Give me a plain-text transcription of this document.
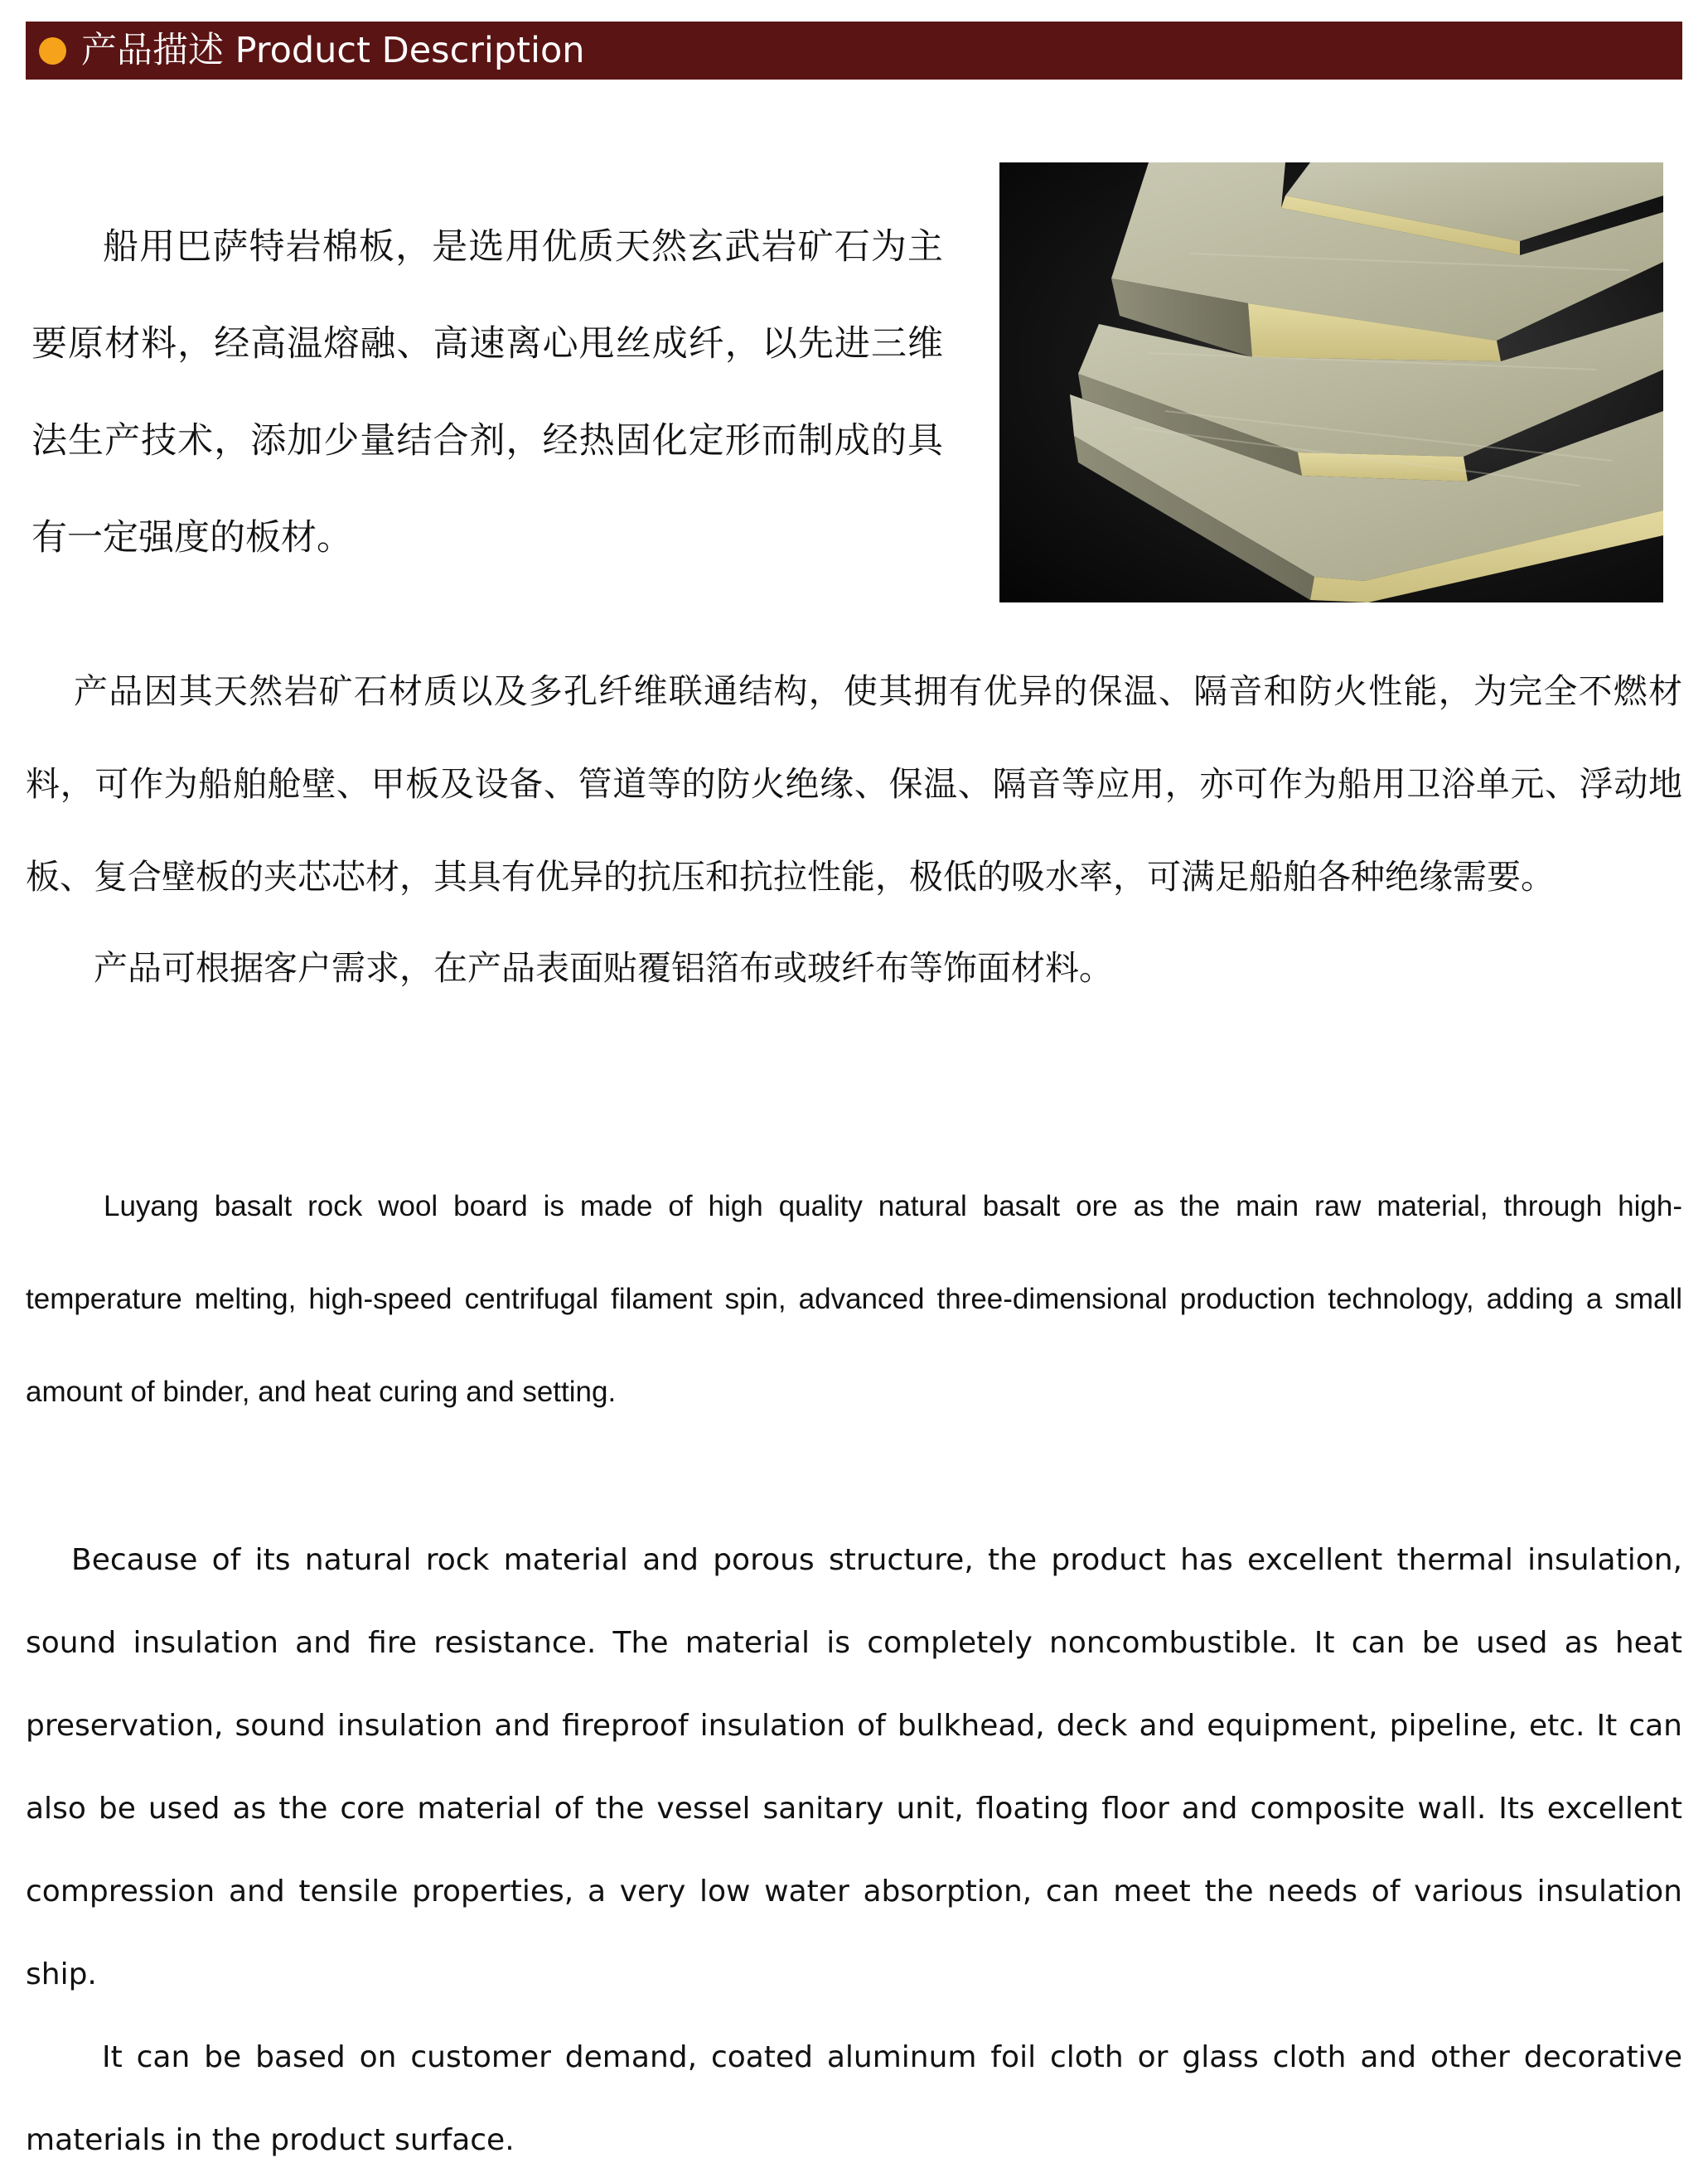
产品描述 Product Description

船用巴萨特岩棉板，是选用优质天然玄武岩矿石为主要原材料，经高温熔融、高速离心甩丝成纤，以先进三维法生产技术，添加少量结合剂，经热固化定形而制成的具有一定强度的板材。

产品因其天然岩矿石材质以及多孔纤维联通结构，使其拥有优异的保温、隔音和防火性能，为完全不燃材料，可作为船舶舱壁、甲板及设备、管道等的防火绝缘、保温、隔音等应用，亦可作为船用卫浴单元、浮动地板、复合壁板的夹芯芯材，其具有优异的抗压和抗拉性能，极低的吸水率，可满足船舶各种绝缘需要。

产品可根据客户需求，在产品表面贴覆铝箔布或玻纤布等饰面材料。

Luyang basalt rock wool board is made of high quality natural basalt ore as the main raw material, through high-temperature melting, high-speed centrifugal filament spin, advanced three-dimensional production technology, adding a small amount of binder, and heat curing and setting.

Because of its natural rock material and porous structure, the product has excellent thermal insulation, sound insulation and fire resistance. The material is completely noncombustible. It can be used as heat preservation, sound insulation and fireproof insulation of bulkhead, deck and equipment, pipeline, etc. It can also be used as the core material of the vessel sanitary unit, floating floor and composite wall. Its excellent compression and tensile properties, a very low water absorption, can meet the needs of various insulation ship.

It can be based on customer demand, coated aluminum foil cloth or glass cloth and other decorative materials in the product surface.
